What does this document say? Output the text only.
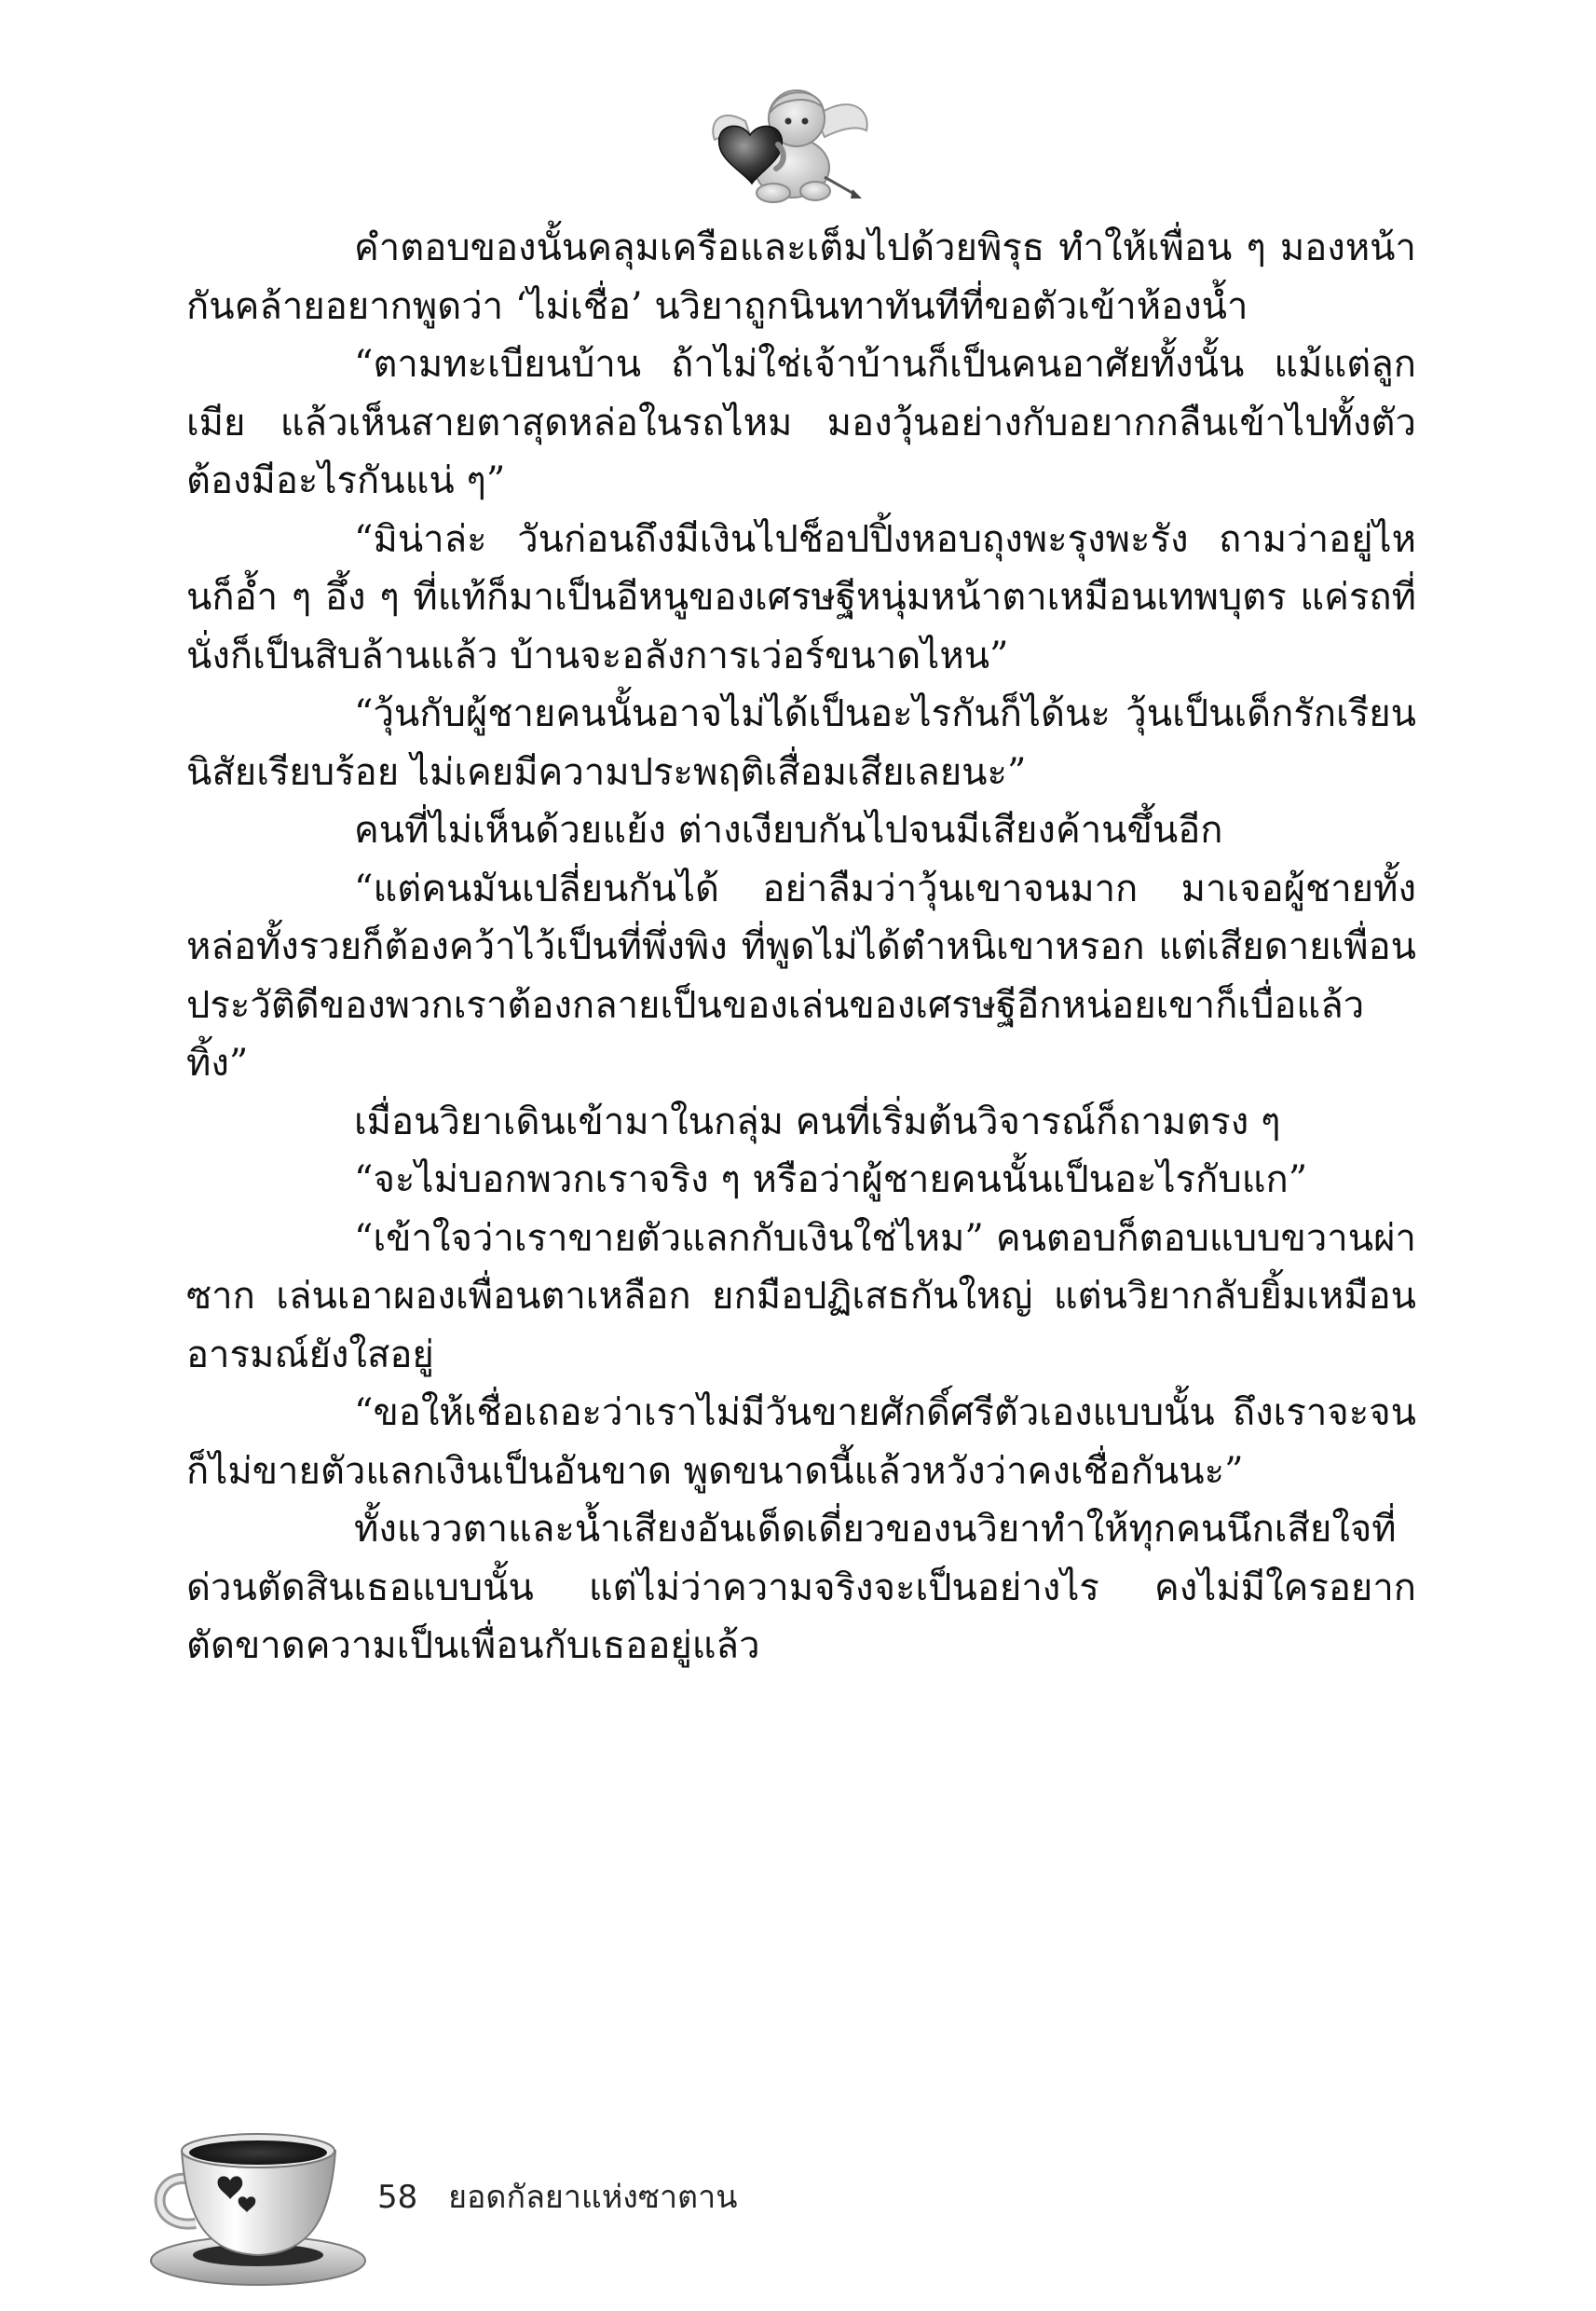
คำตอบของนั้นคลุมเครือและเต็มไปด้วยพิรุธ ทำให้เพื่อน ๆ มองหน้ากันคล้ายอยากพูดว่า ‘ไม่เชื่อ’ นวิยาถูกนินทาทันทีที่ขอตัวเข้าห้องน้ำ

“ตามทะเบียนบ้าน ถ้าไม่ใช่เจ้าบ้านก็เป็นคนอาศัยทั้งนั้น แม้แต่ลูกเมีย แล้วเห็นสายตาสุดหล่อในรถไหม มองวุ้นอย่างกับอยากกลืนเข้าไปทั้งตัว ต้องมีอะไรกันแน่ ๆ”

“มิน่าล่ะ วันก่อนถึงมีเงินไปช็อปปิ้งหอบถุงพะรุงพะรัง ถามว่าอยู่ไหนก็อ้ำ ๆ อึ้ง ๆ ที่แท้ก็มาเป็นอีหนูของเศรษฐีหนุ่มหน้าตาเหมือนเทพบุตร แค่รถที่นั่งก็เป็นสิบล้านแล้ว บ้านจะอลังการเว่อร์ขนาดไหน”

“วุ้นกับผู้ชายคนนั้นอาจไม่ได้เป็นอะไรกันก็ได้นะ วุ้นเป็นเด็กรักเรียน นิสัยเรียบร้อย ไม่เคยมีความประพฤติเสื่อมเสียเลยนะ”

คนที่ไม่เห็นด้วยแย้ง ต่างเงียบกันไปจนมีเสียงค้านขึ้นอีก

“แต่คนมันเปลี่ยนกันได้ อย่าลืมว่าวุ้นเขาจนมาก มาเจอผู้ชายทั้งหล่อทั้งรวยก็ต้องคว้าไว้เป็นที่พึ่งพิง ที่พูดไม่ได้ตำหนิเขาหรอก แต่เสียดายเพื่อนประวัติดีของพวกเราต้องกลายเป็นของเล่นของเศรษฐีอีกหน่อยเขาก็เบื่อแล้วทิ้ง”

เมื่อนวิยาเดินเข้ามาในกลุ่ม คนที่เริ่มต้นวิจารณ์ก็ถามตรง ๆ

“จะไม่บอกพวกเราจริง ๆ หรือว่าผู้ชายคนนั้นเป็นอะไรกับแก”

“เข้าใจว่าเราขายตัวแลกกับเงินใช่ไหม” คนตอบก็ตอบแบบขวานผ่าซาก เล่นเอาผองเพื่อนตาเหลือก ยกมือปฏิเสธกันใหญ่ แต่นวิยากลับยิ้มเหมือนอารมณ์ยังใสอยู่

“ขอให้เชื่อเถอะว่าเราไม่มีวันขายศักดิ์ศรีตัวเองแบบนั้น ถึงเราจะจนก็ไม่ขายตัวแลกเงินเป็นอันขาด พูดขนาดนี้แล้วหวังว่าคงเชื่อกันนะ”

ทั้งแววตาและน้ำเสียงอันเด็ดเดี่ยวของนวิยาทำให้ทุกคนนึกเสียใจที่ด่วนตัดสินเธอแบบนั้น แต่ไม่ว่าความจริงจะเป็นอย่างไร คงไม่มีใครอยากตัดขาดความเป็นเพื่อนกับเธออยู่แล้ว

58 ยอดกัลยาแห่งซาตาน
